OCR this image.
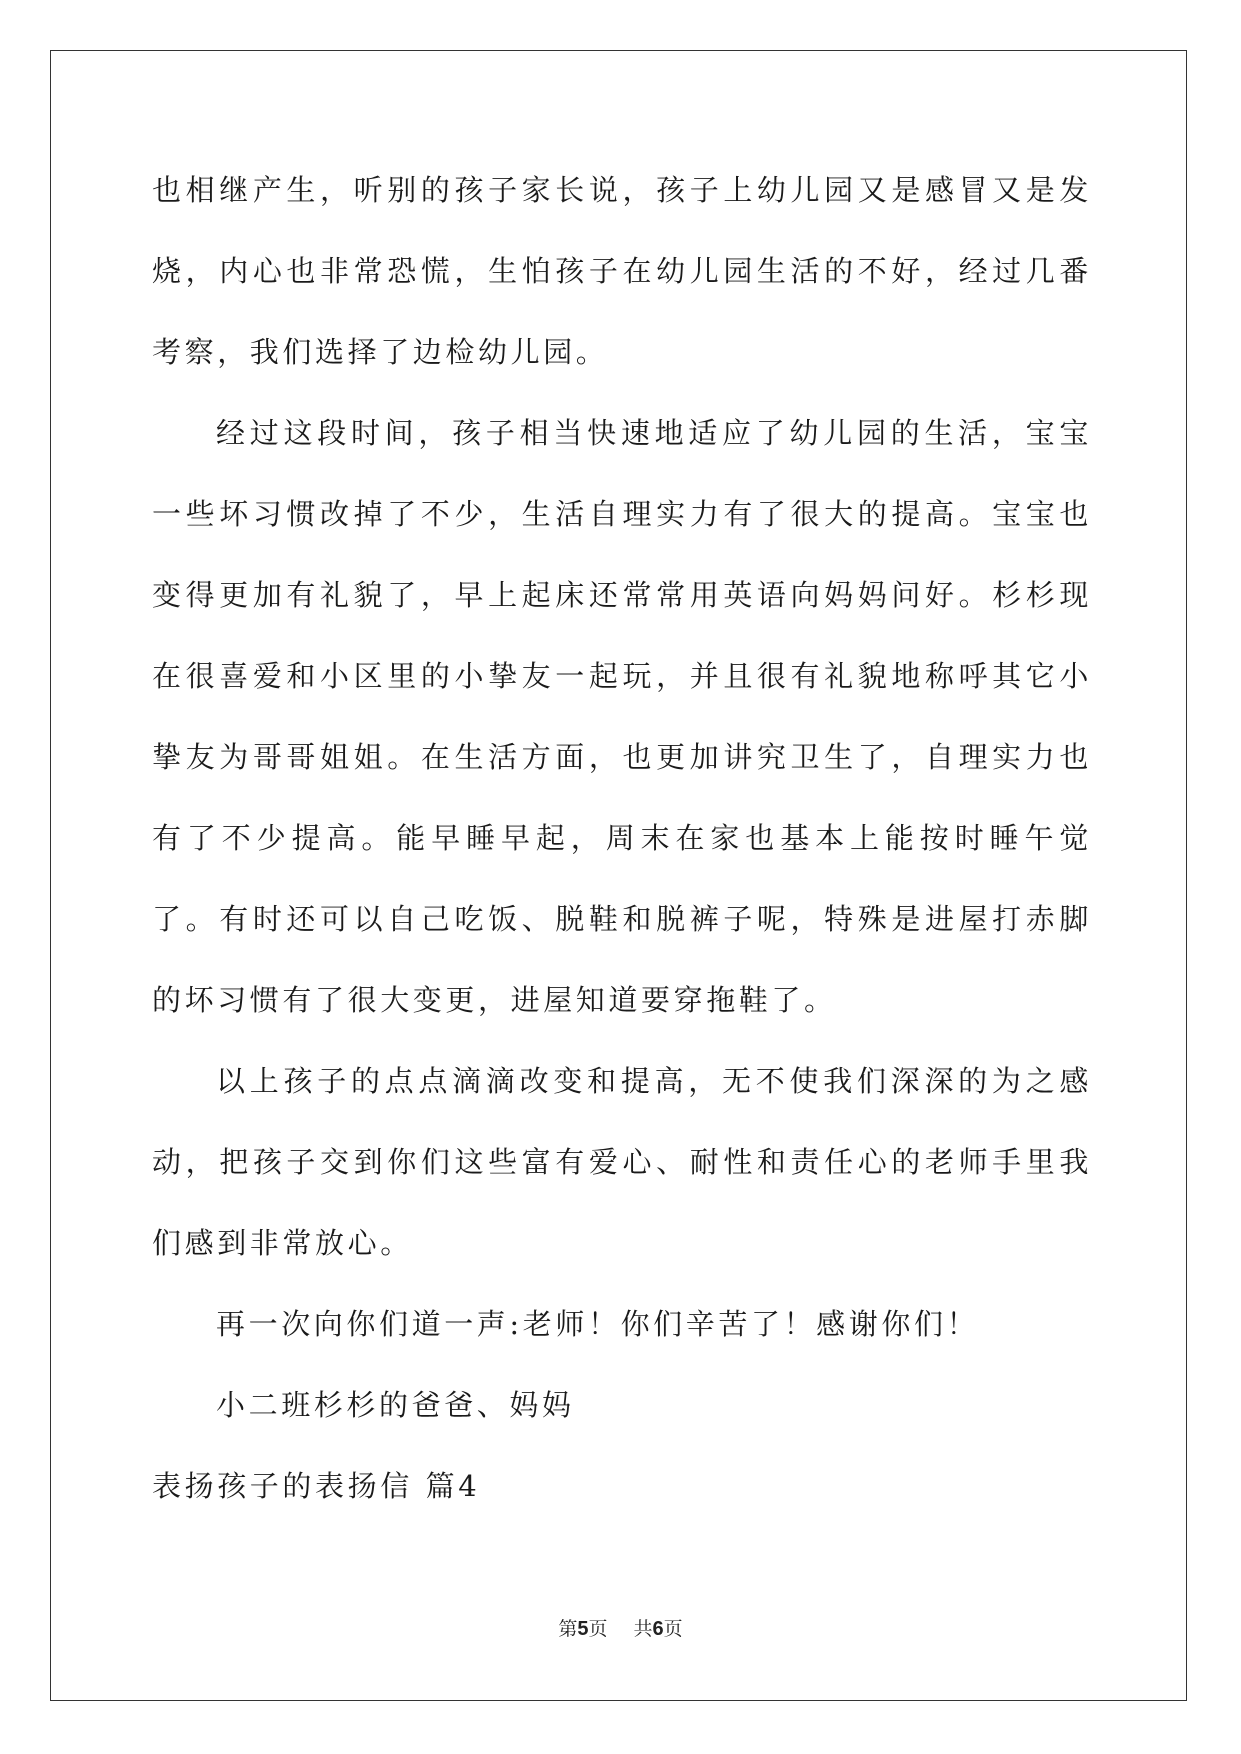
也相继产生，听别的孩子家长说，孩子上幼儿园又是感冒又是发烧，内心也非常恐慌，生怕孩子在幼儿园生活的不好，经过几番考察，我们选择了边检幼儿园。

经过这段时间，孩子相当快速地适应了幼儿园的生活，宝宝一些坏习惯改掉了不少，生活自理实力有了很大的提高。宝宝也变得更加有礼貌了，早上起床还常常用英语向妈妈问好。杉杉现在很喜爱和小区里的小挚友一起玩，并且很有礼貌地称呼其它小挚友为哥哥姐姐。在生活方面，也更加讲究卫生了，自理实力也有了不少提高。能早睡早起，周末在家也基本上能按时睡午觉了。有时还可以自己吃饭、脱鞋和脱裤子呢，特殊是进屋打赤脚的坏习惯有了很大变更，进屋知道要穿拖鞋了。

以上孩子的点点滴滴改变和提高，无不使我们深深的为之感动，把孩子交到你们这些富有爱心、耐性和责任心的老师手里我们感到非常放心。

再一次向你们道一声:老师！你们辛苦了！感谢你们！

小二班杉杉的爸爸、妈妈

表扬孩子的表扬信 篇4

第5页 共6页
